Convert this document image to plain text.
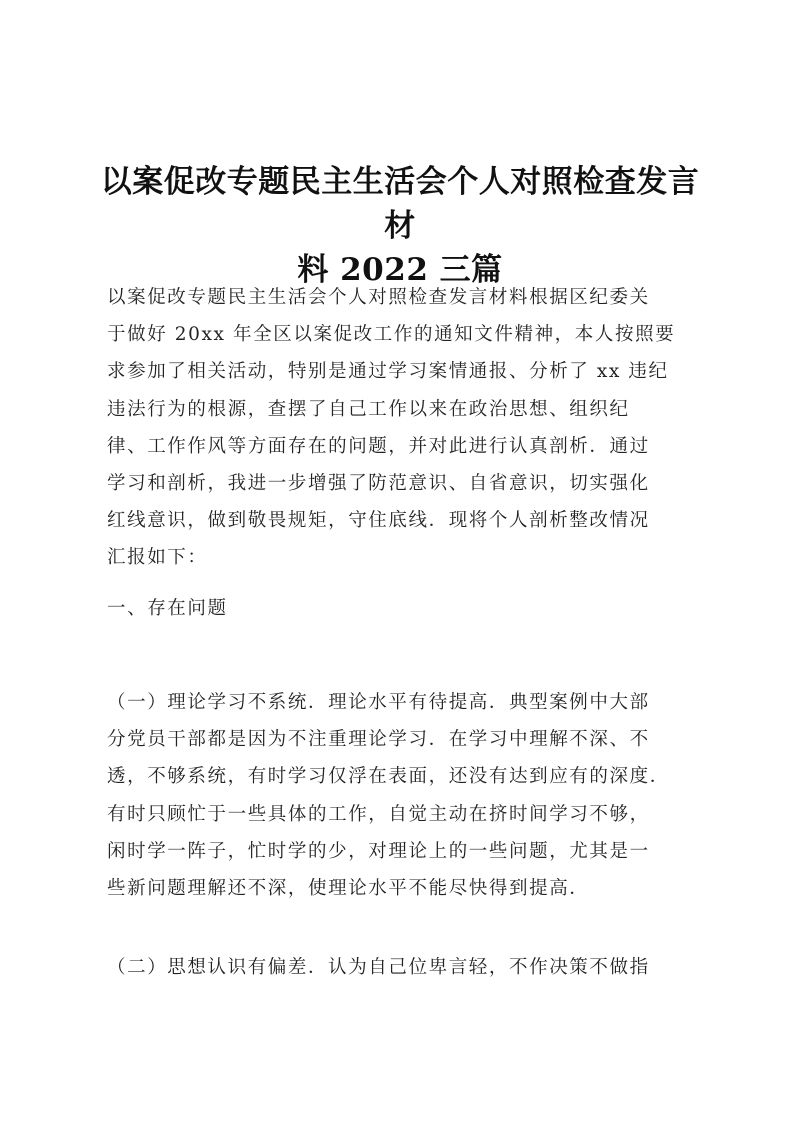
以案促改专题民主生活会个人对照检查发言材
料 2022 三篇
以案促改专题民主生活会个人对照检查发言材料根据区纪委关
于做好 20xx 年全区以案促改工作的通知文件精神，本人按照要
求参加了相关活动，特别是通过学习案情通报、分析了 xx 违纪
违法行为的根源，查摆了自己工作以来在政治思想、组织纪
律、工作作风等方面存在的问题，并对此进行认真剖析．通过
学习和剖析，我进一步增强了防范意识、自省意识，切实强化
红线意识，做到敬畏规矩，守住底线．现将个人剖析整改情况
汇报如下：
一、存在问题
（一）理论学习不系统．理论水平有待提高．典型案例中大部
分党员干部都是因为不注重理论学习．在学习中理解不深、不
透，不够系统，有时学习仅浮在表面，还没有达到应有的深度．
有时只顾忙于一些具体的工作，自觉主动在挤时间学习不够，
闲时学一阵子，忙时学的少，对理论上的一些问题，尤其是一
些新问题理解还不深，使理论水平不能尽快得到提高．
（二）思想认识有偏差．认为自己位卑言轻，不作决策不做指
